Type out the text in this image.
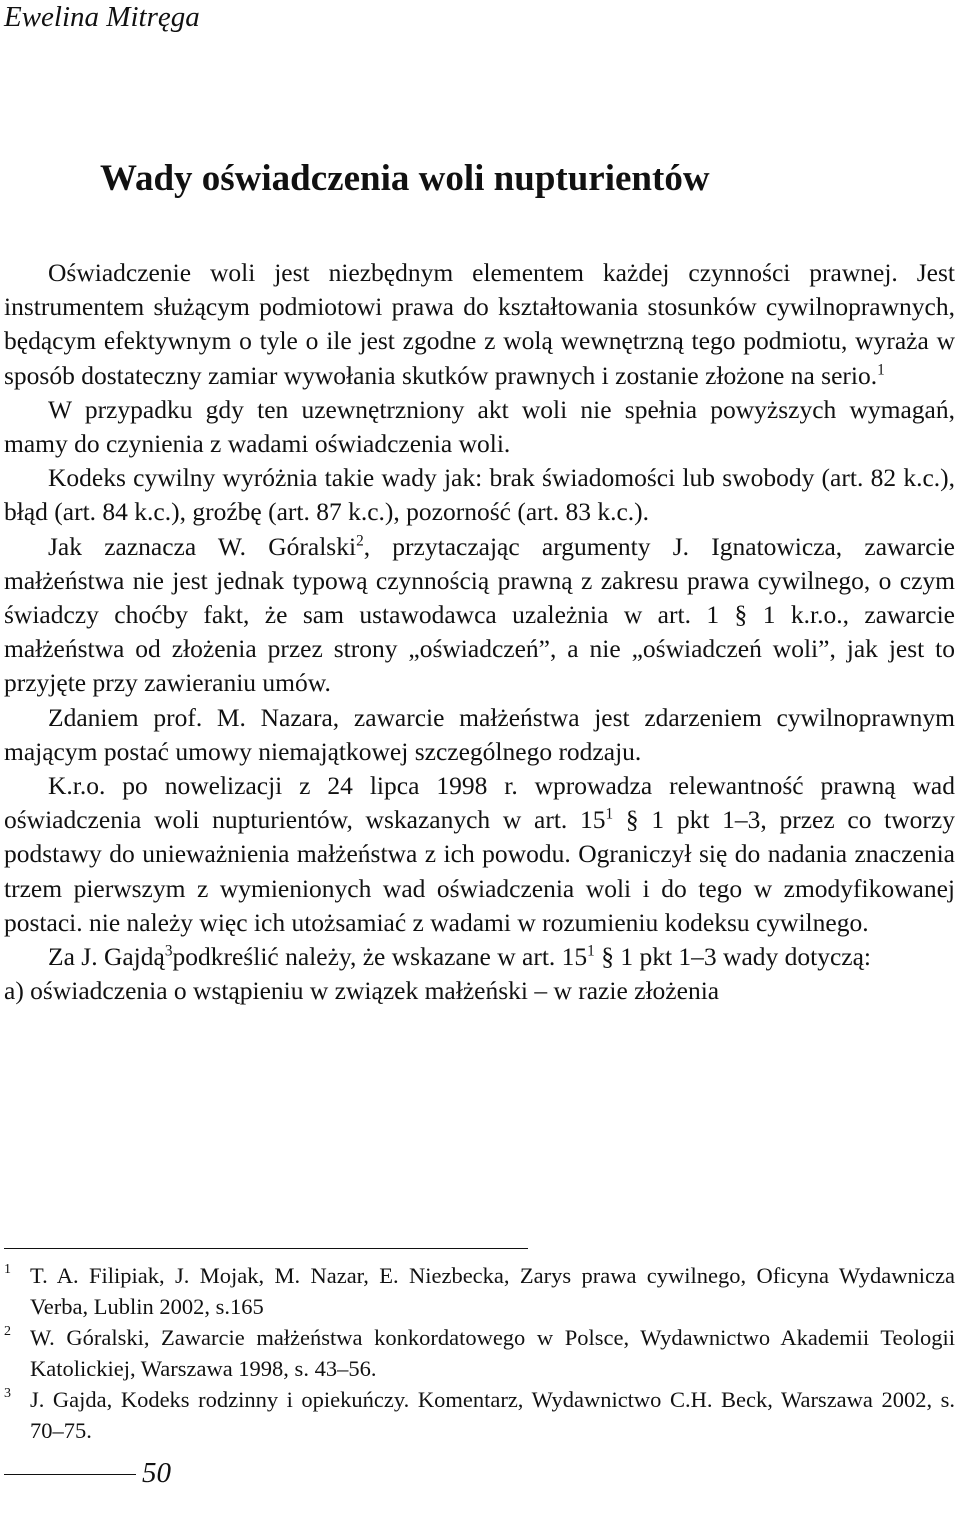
Ewelina Mitręga
Wady oświadczenia woli nupturientów

Oświadczenie woli jest niezbędnym elementem każdej czynności prawnej. Jest instrumentem służącym podmiotowi prawa do kształtowania stosunków cywilnoprawnych, będącym efektywnym o tyle o ile jest zgodne z wolą wewnętrzną tego podmiotu, wyraża w sposób dostateczny zamiar wywołania skutków prawnych i zostanie złożone na serio.$^1$

W przypadku gdy ten uzewnętrzniony akt woli nie spełnia powyższych wymagań, mamy do czynienia z wadami oświadczenia woli.

Kodeks cywilny wyróżnia takie wady jak: brak świadomości lub swobody (art. 82 k.c.), błąd (art. 84 k.c.), groźbę (art. 87 k.c.), pozorność (art. 83 k.c.).

Jak zaznacza W. Góralski$^2$, przytaczając argumenty J. Ignatowicza, zawarcie małżeństwa nie jest jednak typową czynnością prawną z zakresu prawa cywilnego, o czym świadczy choćby fakt, że sam ustawodawca uzależnia w art. 1 § 1 k.r.o., zawarcie małżeństwa od złożenia przez strony „oświadczeń”, a nie „oświadczeń woli”, jak jest to przyjęte przy zawieraniu umów.

Zdaniem prof. M. Nazara, zawarcie małżeństwa jest zdarzeniem cywilnoprawnym mającym postać umowy niemajątkowej szczególnego rodzaju.

K.r.o. po nowelizacji z 24 lipca 1998 r. wprowadza relewantność prawną wad oświadczenia woli nupturientów, wskazanych w art. $15^1$ § 1 pkt 1–3, przez co tworzy podstawy do unieważnienia małżeństwa z ich powodu. Ograniczył się do nadania znaczenia trzem pierwszym z wymienionych wad oświadczenia woli i do tego w zmodyfikowanej postaci. nie należy więc ich utożsamiać z wadami w rozumieniu kodeksu cywilnego.

Za J. Gajdą$^3$podkreślić należy, że wskazane w art. $15^1$ § 1 pkt 1–3 wady dotyczą:

a) oświadczenia o wstąpieniu w związek małżeński – w razie złożenia

1 T. A. Filipiak, J. Mojak, M. Nazar, E. Niezbecka, Zarys prawa cywilnego, Oficyna Wydawnicza Verba, Lublin 2002, s.165

2 W. Góralski, Zawarcie małżeństwa konkordatowego w Polsce, Wydawnictwo Akademii Teologii Katolickiej, Warszawa 1998, s. 43–56.

3 J. Gajda, Kodeks rodzinny i opiekuńczy. Komentarz, Wydawnictwo C.H. Beck, Warszawa 2002, s. 70–75.

50
